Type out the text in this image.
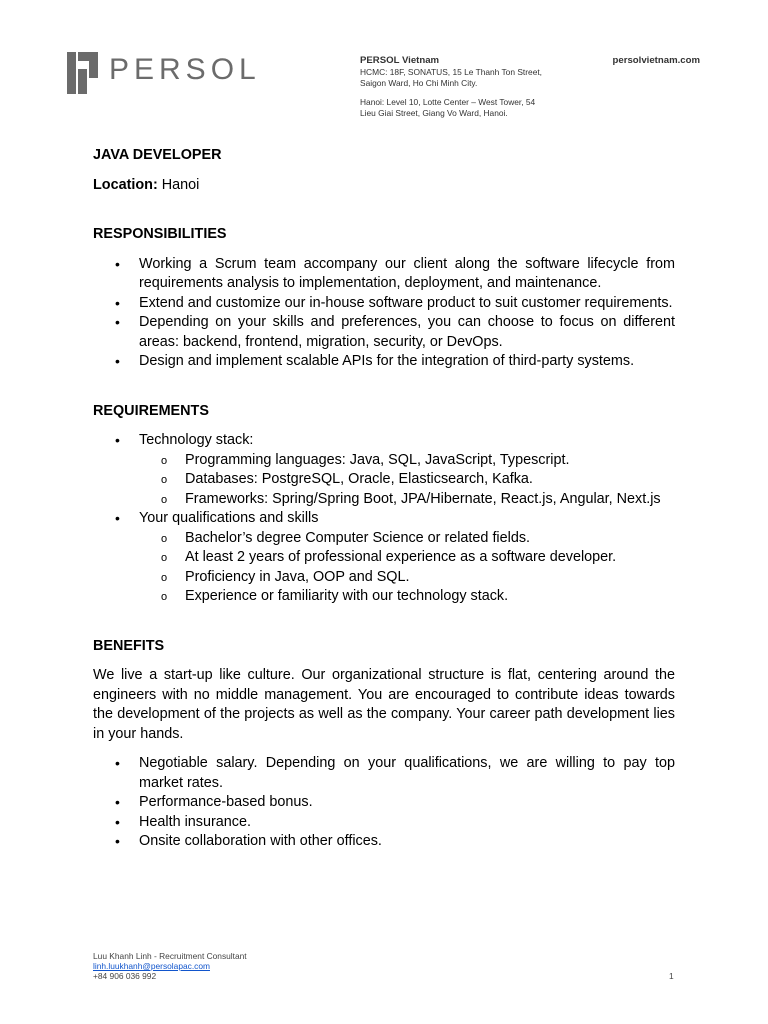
PERSOL	PERSOL Vietnam	persolvietnam.com
HCMC: 18F, SONATUS, 15 Le Thanh Ton Street,
Saigon Ward, Ho Chi Minh City.
Hanoi: Level 10, Lotte Center – West Tower, 54
Lieu Giai Street, Giang Vo Ward, Hanoi.

JAVA DEVELOPER

Location: Hanoi

RESPONSIBILITIES

• Working a Scrum team accompany our client along the software lifecycle from requirements analysis to implementation, deployment, and maintenance.
• Extend and customize our in-house software product to suit customer requirements.
• Depending on your skills and preferences, you can choose to focus on different areas: backend, frontend, migration, security, or DevOps.
• Design and implement scalable APIs for the integration of third-party systems.

REQUIREMENTS

• Technology stack:
o Programming languages: Java, SQL, JavaScript, Typescript.
o Databases: PostgreSQL, Oracle, Elasticsearch, Kafka.
o Frameworks: Spring/Spring Boot, JPA/Hibernate, React.js, Angular, Next.js
• Your qualifications and skills
o Bachelor’s degree Computer Science or related fields.
o At least 2 years of professional experience as a software developer.
o Proficiency in Java, OOP and SQL.
o Experience or familiarity with our technology stack.

BENEFITS

We live a start-up like culture. Our organizational structure is flat, centering around the engineers with no middle management. You are encouraged to contribute ideas towards the development of the projects as well as the company. Your career path development lies in your hands.

• Negotiable salary. Depending on your qualifications, we are willing to pay top market rates.
• Performance-based bonus.
• Health insurance.
• Onsite collaboration with other offices.
Luu Khanh Linh - Recruitment Consultant
linh.luukhanh@persolapac.com
+84 906 036 992	1
